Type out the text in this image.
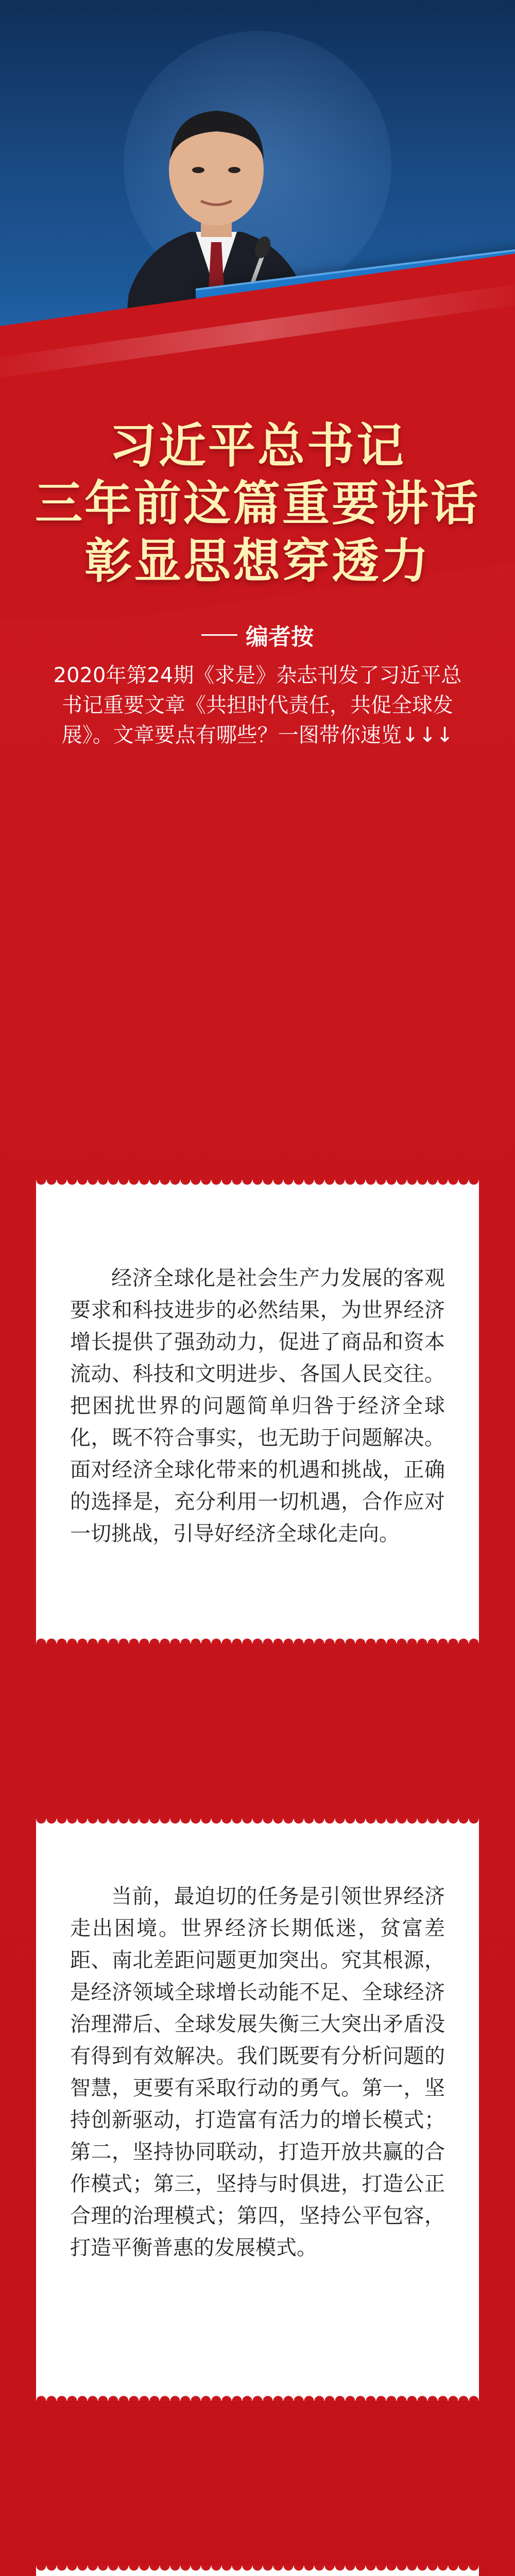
习近平总书记
三年前这篇重要讲话
彰显思想穿透力
编者按
2020年第24期《求是》杂志刊发了习近平总书记重要文章《共担时代责任，共促全球发展》。文章要点有哪些？一图带你速览↓↓↓

经济全球化是社会生产力发展的客观要求和科技进步的必然结果，为世界经济增长提供了强劲动力，促进了商品和资本流动、科技和文明进步、各国人民交往。把困扰世界的问题简单归咎于经济全球化，既不符合事实，也无助于问题解决。面对经济全球化带来的机遇和挑战，正确的选择是，充分利用一切机遇，合作应对一切挑战，引导好经济全球化走向。

当前，最迫切的任务是引领世界经济走出困境。世界经济长期低迷，贫富差距、南北差距问题更加突出。究其根源，是经济领域全球增长动能不足、全球经济治理滞后、全球发展失衡三大突出矛盾没有得到有效解决。我们既要有分析问题的智慧，更要有采取行动的勇气。第一，坚持创新驱动，打造富有活力的增长模式；第二，坚持协同联动，打造开放共赢的合作模式；第三，坚持与时俱进，打造公正合理的治理模式；第四，坚持公平包容，打造平衡普惠的发展模式。
